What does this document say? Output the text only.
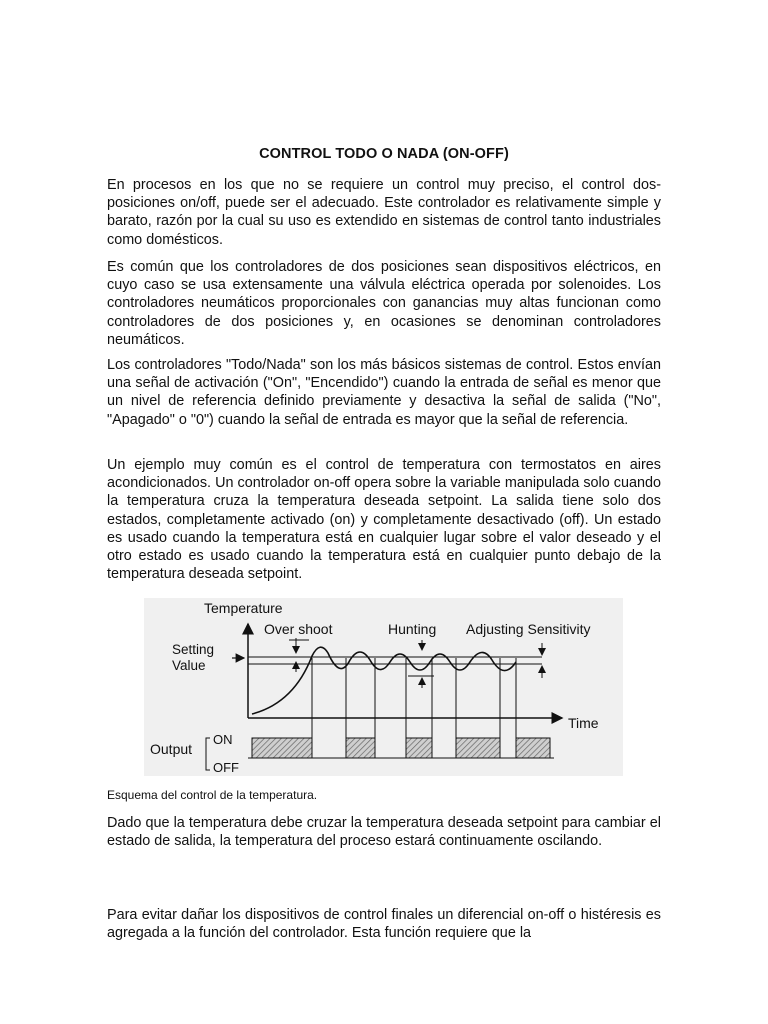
CONTROL TODO O NADA (ON-OFF)

En procesos en los que no se requiere un control muy preciso, el control dos-posiciones on/off, puede ser el adecuado. Este controlador es relativamente simple y barato, razón por la cual su uso es extendido en sistemas de control tanto industriales como domésticos.

Es común que los controladores de dos posiciones sean dispositivos eléctricos, en cuyo caso se usa extensamente una válvula eléctrica operada por solenoides. Los controladores neumáticos proporcionales con ganancias muy altas funcionan como controladores de dos posiciones y, en ocasiones se denominan controladores neumáticos.

Los controladores "Todo/Nada" son los más básicos sistemas de control. Estos envían una señal de activación ("On", "Encendido") cuando la entrada de señal es menor que un nivel de referencia definido previamente y desactiva la señal de salida ("No", "Apagado" o "0") cuando la señal de entrada es mayor que la señal de referencia.

Un ejemplo muy común es el control de temperatura con termostatos en aires acondicionados. Un controlador on-off opera sobre la variable manipulada solo cuando la temperatura cruza la temperatura deseada setpoint. La salida tiene solo dos estados, completamente activado (on) y completamente desactivado (off). Un estado es usado cuando la temperatura está en cualquier lugar sobre el valor deseado y el otro estado es usado cuando la temperatura está en cualquier punto debajo de la temperatura deseada setpoint.

Temperature
Over shoot	Hunting Adjusting Sensitivity
Setting
Value
Time
Output
ON
OFF
Esquema del control de la temperatura.

Dado que la temperatura debe cruzar la temperatura deseada setpoint para cambiar el estado de salida, la temperatura del proceso estará continuamente oscilando.

Para evitar dañar los dispositivos de control finales un diferencial on-off o histéresis es agregada a la función del controlador. Esta función requiere que la
